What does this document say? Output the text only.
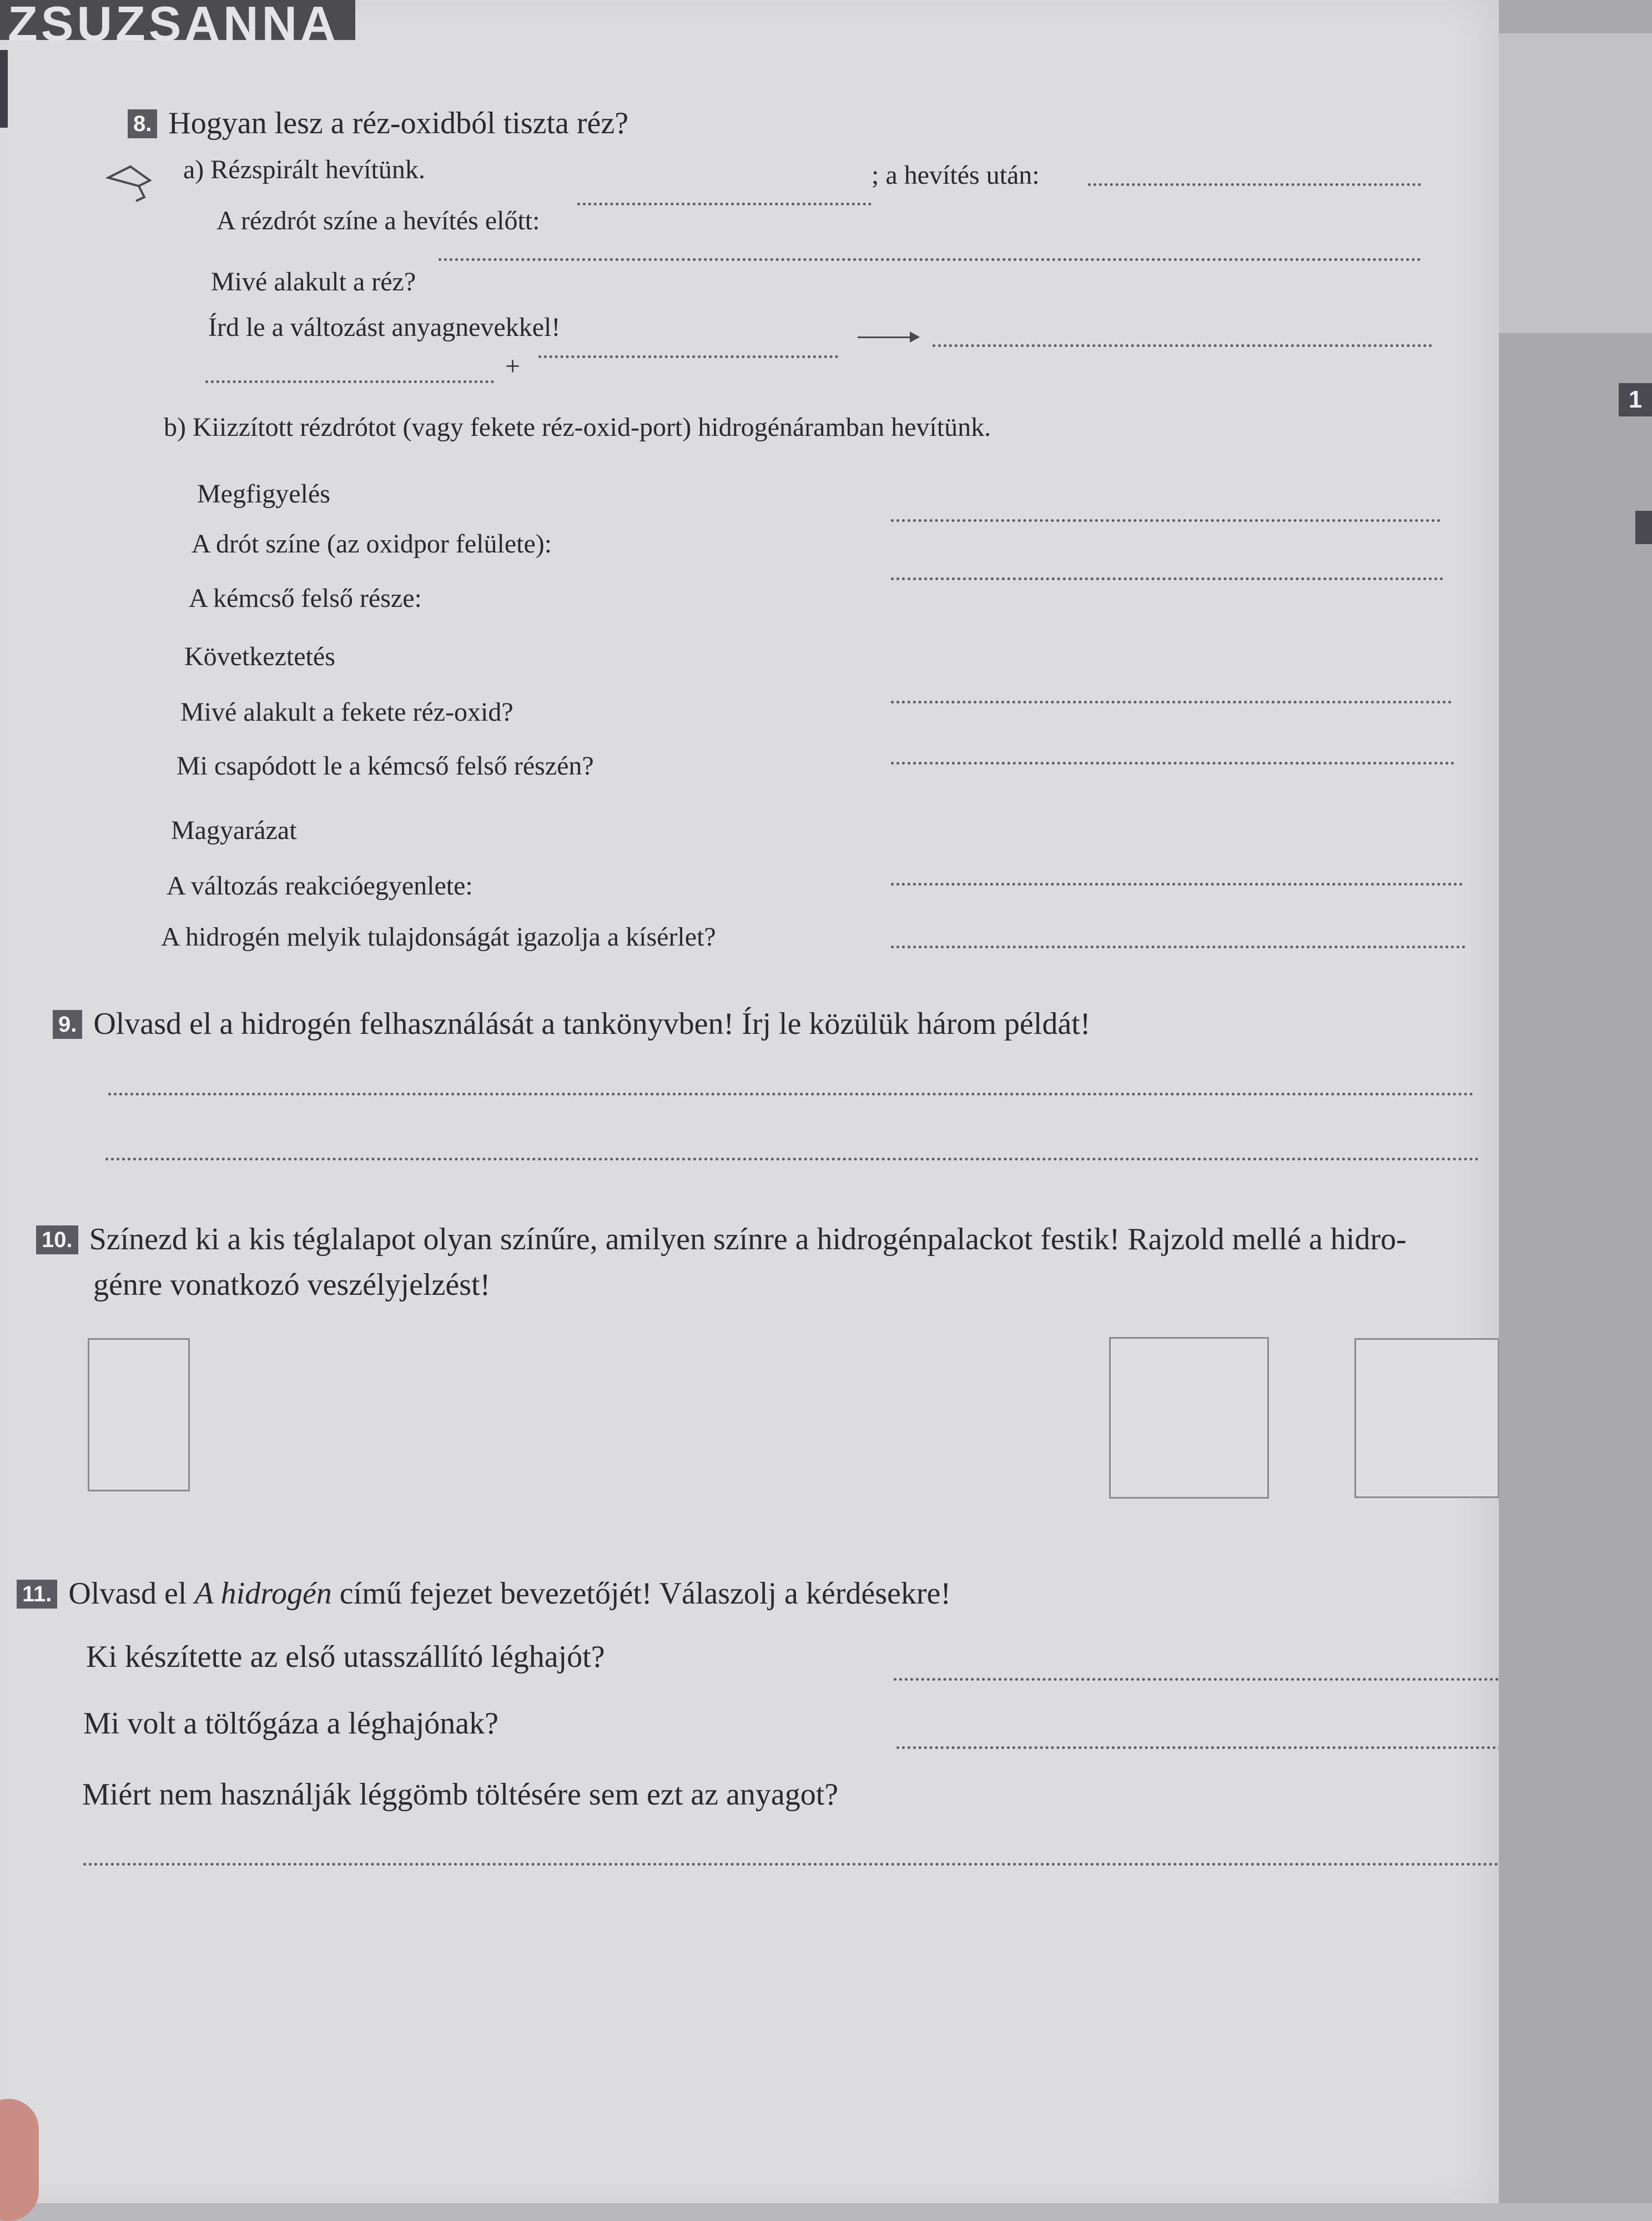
ZSUZSANNA
8. Hogyan lesz a réz-oxidból tiszta réz?
a) Rézspirált hevítünk.
A rézdrót színe a hevítés előtt:
; a hevítés után:
Mivé alakult a réz?
Írd le a változást anyagnevekkel!
+
b) Kiizzított rézdrótot (vagy fekete réz-oxid-port) hidrogénáramban hevítünk.
Megfigyelés
A drót színe (az oxidpor felülete):
A kémcső felső része:
Következtetés
Mivé alakult a fekete réz-oxid?
Mi csapódott le a kémcső felső részén?
Magyarázat
A változás reakcióegyenlete:
A hidrogén melyik tulajdonságát igazolja a kísérlet?
9. Olvasd el a hidrogén felhasználását a tankönyvben! Írj le közülük három példát!
10. Színezd ki a kis téglalapot olyan színűre, amilyen színre a hidrogénpalackot festik! Rajzold mellé a hidro-
génre vonatkozó veszélyjelzést!
11. Olvasd el A hidrogén című fejezet bevezetőjét! Válaszolj a kérdésekre!
Ki készítette az első utasszállító léghajót?
Mi volt a töltőgáza a léghajónak?
Miért nem használják léggömb töltésére sem ezt az anyagot?
1
